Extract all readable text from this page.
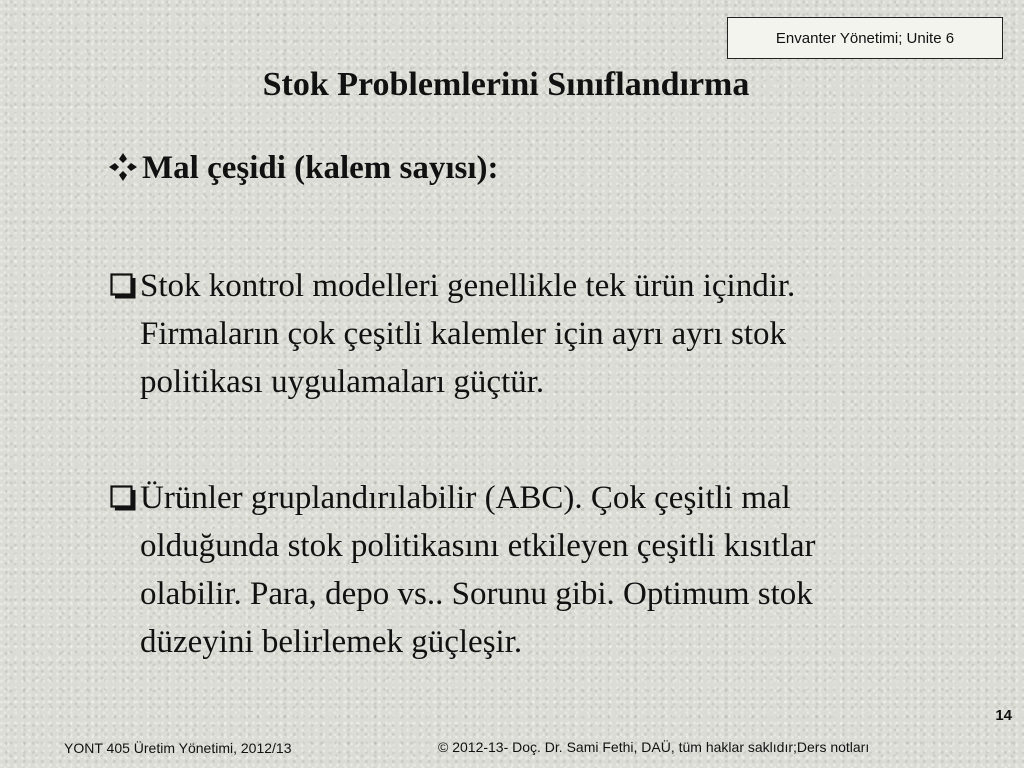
Envanter Yönetimi; Unite 6
Stok Problemlerini Sınıflandırma
Mal çeşidi (kalem sayısı):
Stok kontrol modelleri genellikle tek ürün içindir.
Firmaların çok çeşitli kalemler için ayrı ayrı stok
politikası uygulamaları güçtür.
Ürünler gruplandırılabilir (ABC). Çok çeşitli mal
olduğunda stok politikasını etkileyen çeşitli kısıtlar
olabilir. Para, depo vs.. Sorunu gibi. Optimum stok
düzeyini belirlemek güçleşir.
14
YONT 405 Üretim Yönetimi, 2012/13	© 2012-13- Doç. Dr. Sami Fethi, DAÜ, tüm haklar saklıdır;Ders notları
